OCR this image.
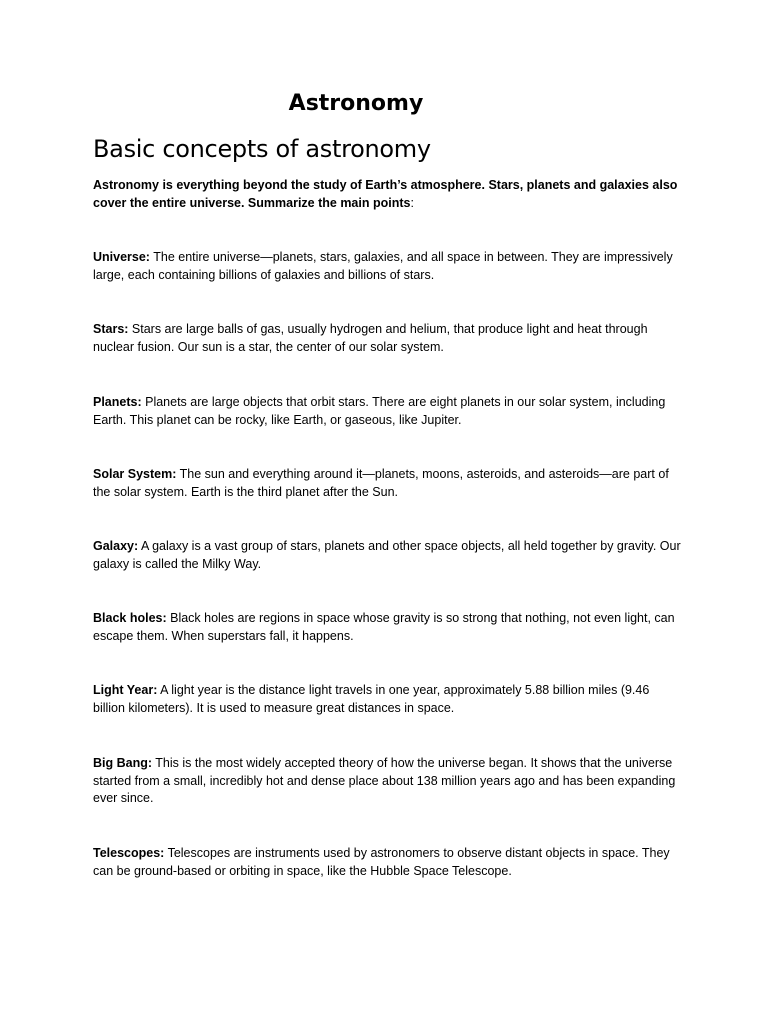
Astronomy
Basic concepts of astronomy

Astronomy is everything beyond the study of Earth’s atmosphere. Stars, planets and galaxies also cover the entire universe. Summarize the main points:

Universe: The entire universe—planets, stars, galaxies, and all space in between. They are impressively large, each containing billions of galaxies and billions of stars.

Stars: Stars are large balls of gas, usually hydrogen and helium, that produce light and heat through nuclear fusion. Our sun is a star, the center of our solar system.

Planets: Planets are large objects that orbit stars. There are eight planets in our solar system, including Earth. This planet can be rocky, like Earth, or gaseous, like Jupiter.

Solar System: The sun and everything around it—planets, moons, asteroids, and asteroids—are part of the solar system. Earth is the third planet after the Sun.

Galaxy: A galaxy is a vast group of stars, planets and other space objects, all held together by gravity. Our galaxy is called the Milky Way.

Black holes: Black holes are regions in space whose gravity is so strong that nothing, not even light, can escape them. When superstars fall, it happens.

Light Year: A light year is the distance light travels in one year, approximately 5.88 billion miles (9.46 billion kilometers). It is used to measure great distances in space.

Big Bang: This is the most widely accepted theory of how the universe began. It shows that the universe started from a small, incredibly hot and dense place about 138 million years ago and has been expanding ever since.

Telescopes: Telescopes are instruments used by astronomers to observe distant objects in space. They can be ground-based or orbiting in space, like the Hubble Space Telescope.
